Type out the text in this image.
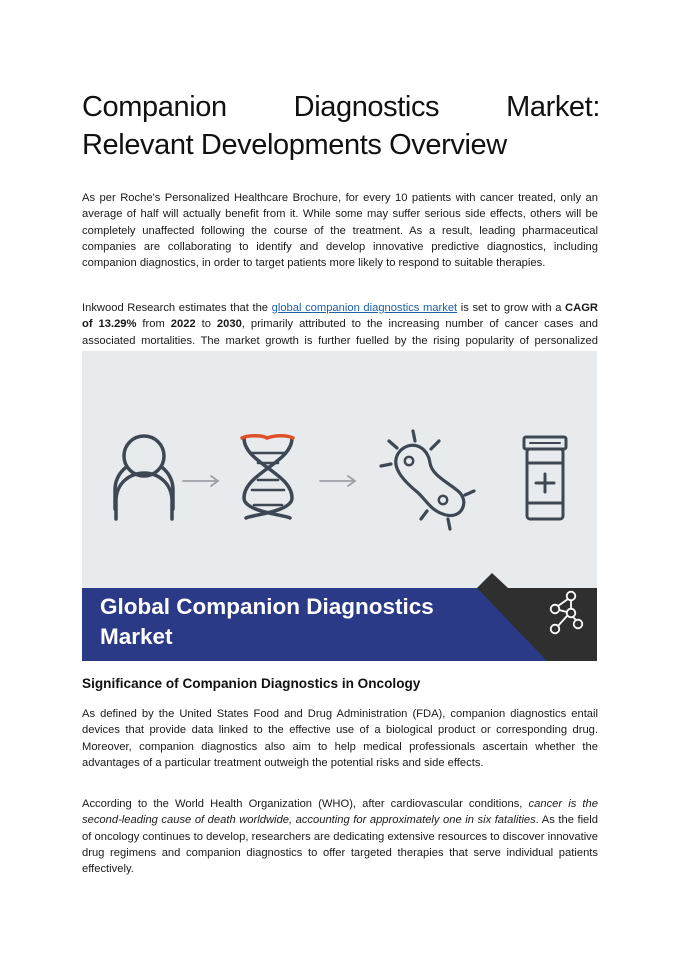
Companion Diagnostics Market:
Relevant Developments Overview

As per Roche's Personalized Healthcare Brochure, for every 10 patients with cancer treated, only an average of half will actually benefit from it. While some may suffer serious side effects, others will be completely unaffected following the course of the treatment. As a result, leading pharmaceutical companies are collaborating to identify and develop innovative predictive diagnostics, including companion diagnostics, in order to target patients more likely to respond to suitable therapies.

Inkwood Research estimates that the global companion diagnostics market is set to grow with a CAGR of 13.29% from 2022 to 2030, primarily attributed to the increasing number of cancer cases and associated mortalities. The market growth is further fuelled by the rising popularity of personalized

Global Companion Diagnostics
Market
Significance of Companion Diagnostics in Oncology

As defined by the United States Food and Drug Administration (FDA), companion diagnostics entail devices that provide data linked to the effective use of a biological product or corresponding drug. Moreover, companion diagnostics also aim to help medical professionals ascertain whether the advantages of a particular treatment outweigh the potential risks and side effects.

According to the World Health Organization (WHO), after cardiovascular conditions, cancer is the second-leading cause of death worldwide, accounting for approximately one in six fatalities. As the field of oncology continues to develop, researchers are dedicating extensive resources to discover innovative drug regimens and companion diagnostics to offer targeted therapies that serve individual patients effectively.
